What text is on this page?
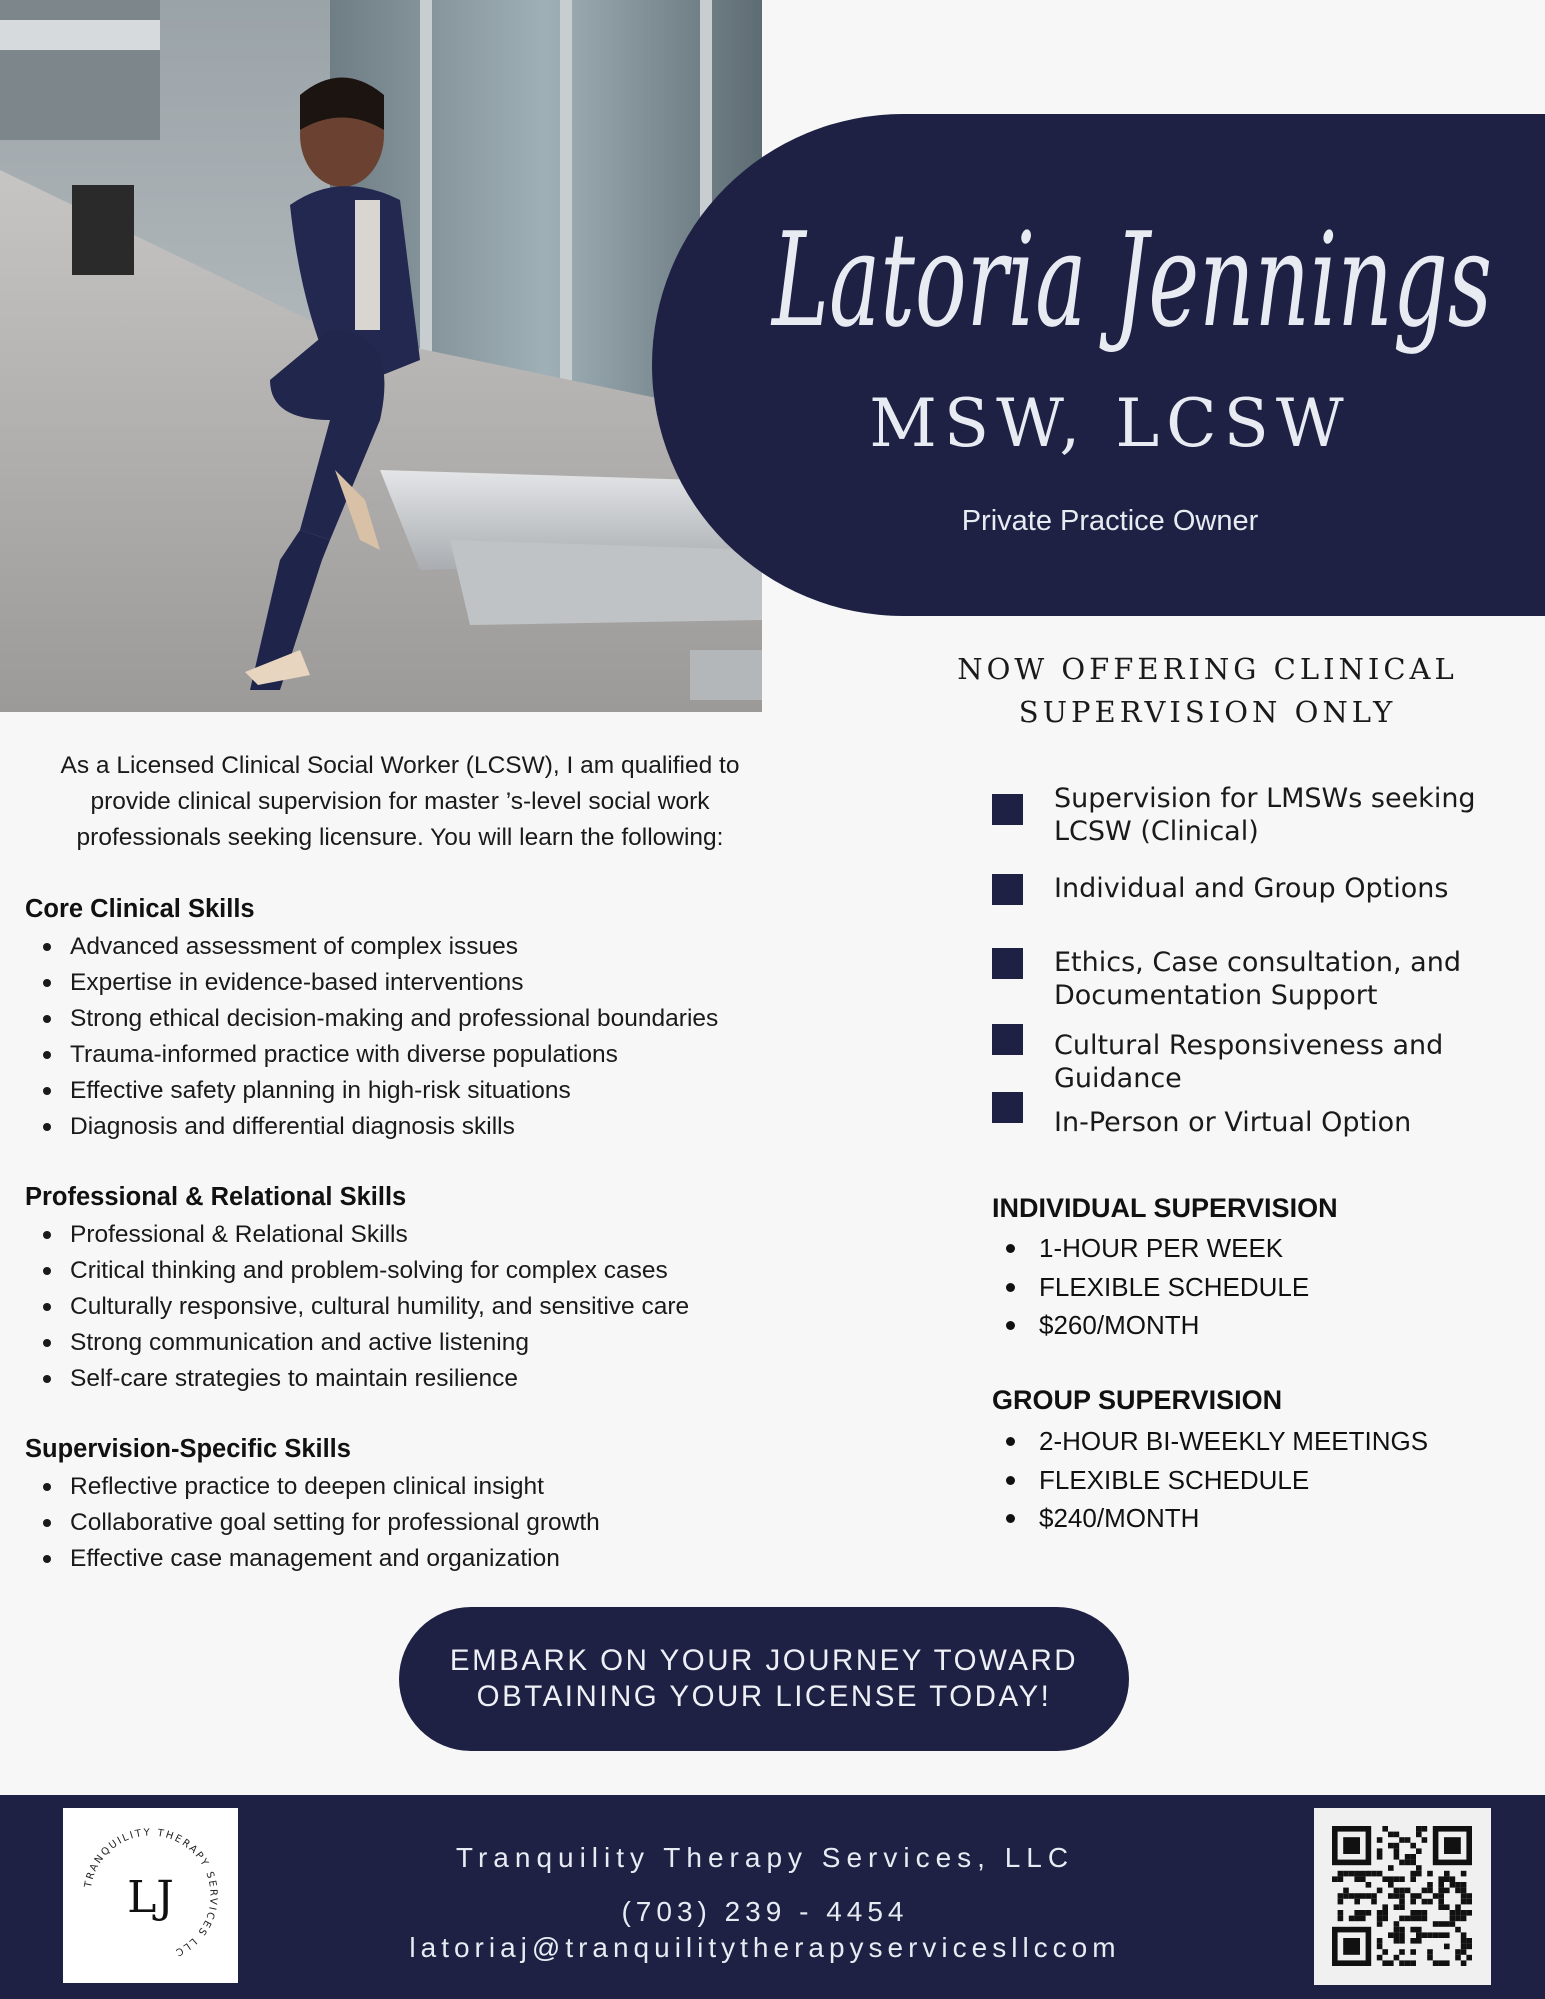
Latoria Jennings
MSW, LCSW
Private Practice Owner
NOW OFFERING CLINICAL
SUPERVISION ONLY
Supervision for LMSWs seeking
LCSW (Clinical)
Individual and Group Options
Ethics, Case consultation, and
Documentation Support
Cultural Responsiveness and
Guidance
In-Person or Virtual Option
INDIVIDUAL SUPERVISION
1-HOUR PER WEEK
FLEXIBLE SCHEDULE
$260/MONTH
GROUP SUPERVISION
2-HOUR BI-WEEKLY MEETINGS
FLEXIBLE SCHEDULE
$240/MONTH
As a Licensed Clinical Social Worker (LCSW), I am qualified to
provide clinical supervision for master ’s-level social work
professionals seeking licensure. You will learn the following:
Core Clinical Skills
Advanced assessment of complex issues
Expertise in evidence-based interventions
Strong ethical decision-making and professional boundaries
Trauma-informed practice with diverse populations
Effective safety planning in high-risk situations
Diagnosis and differential diagnosis skills
Professional & Relational Skills
Professional & Relational Skills
Critical thinking and problem-solving for complex cases
Culturally responsive, cultural humility, and sensitive care
Strong communication and active listening
Self-care strategies to maintain resilience
Supervision-Specific Skills
Reflective practice to deepen clinical insight
Collaborative goal setting for professional growth
Effective case management and organization
EMBARK ON YOUR JOURNEY TOWARD
OBTAINING YOUR LICENSE TODAY!
TRANQUILITY THERAPY SERVICES LLC
LJ
Tranquility Therapy Services, LLC
(703) 239 - 4454
latoriaj@tranquilitytherapyservicesllccom
